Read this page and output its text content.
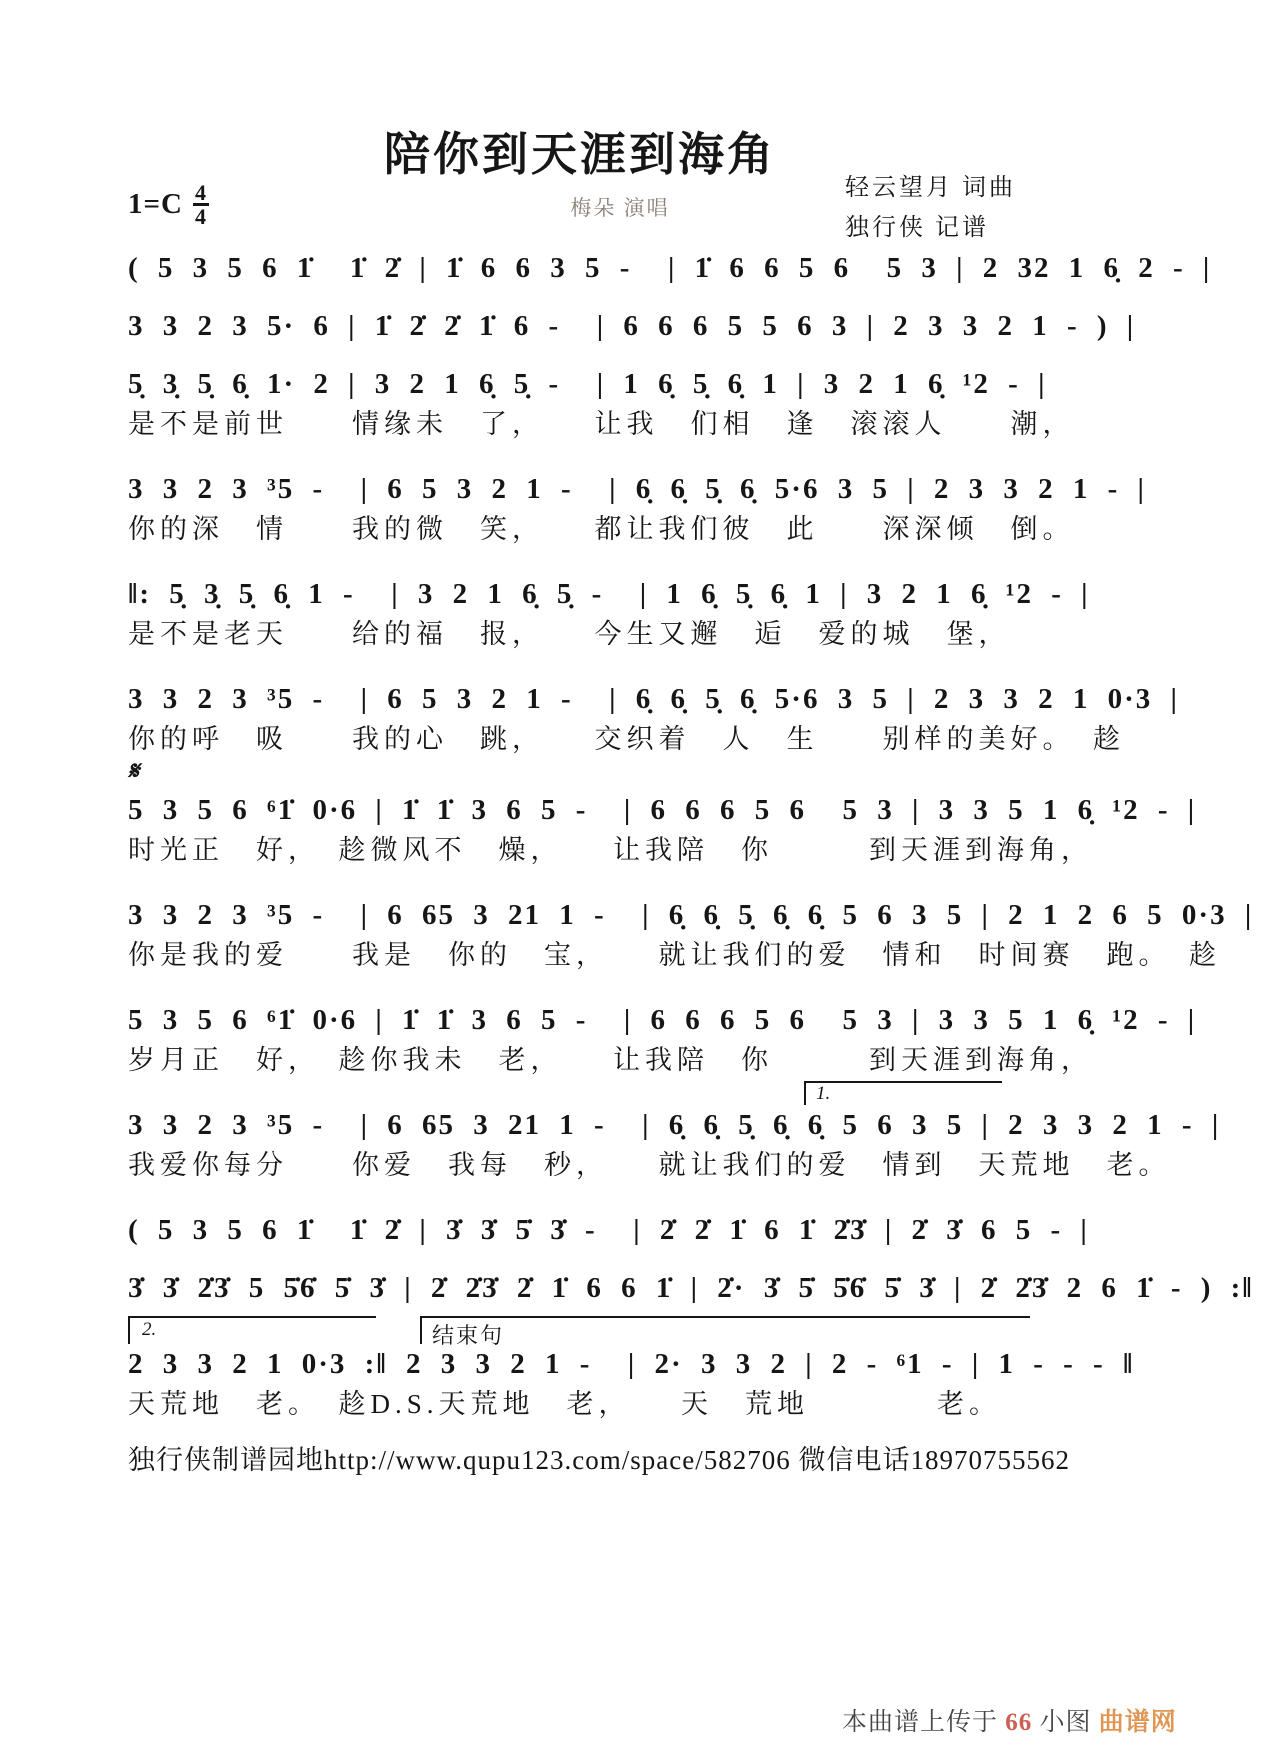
陪你到天涯到海角
梅朵 演唱
$1=C \frac{4}{4}$	轻云望月 词曲
独行侠 记谱
( 5 3 5 6 1̇  1̇ 2̇ | 1̇ 6 6 3 5 -  | 1̇ 6 6 5 6  5 3 | 2 32 1 6̣ 2 - |
3 3 2 3 5· 6 | 1̇ 2̇ 2̇ 1̇ 6 -  | 6 6 6 5 5 6 3 | 2 3 3 2 1 - ) |
5̣ 3̣ 5̣ 6̣ 1· 2 | 3 2 1 6̣ 5̣ -  | 1 6̣ 5̣ 6̣ 1 | 3 2 1 6̣ ¹2 - |
是不是前世　　情缘未　了，　　让我　们相　逢　滚滚人　　潮，
3 3 2 3 ³5 -  | 6 5 3 2 1 -  | 6̣ 6̣ 5̣ 6̣ 5·6 3 5 | 2 3 3 2 1 - |
你的深　情　　我的微　笑，　　都让我们彼　此　　深深倾　倒。
‖: 5̣ 3̣ 5̣ 6̣ 1 -  | 3 2 1 6̣ 5̣ -  | 1 6̣ 5̣ 6̣ 1 | 3 2 1 6̣ ¹2 - |
是不是老天　　给的福　报，　　今生又邂　逅　爱的城　堡，
3 3 2 3 ³5 -  | 6 5 3 2 1 -  | 6̣ 6̣ 5̣ 6̣ 5·6 3 5 | 2 3 3 2 1 0·3 |
你的呼　吸　　我的心　跳，　　交织着　人　生　　别样的美好。　趁
𝄋
5 3 5 6 ⁶1̇ 0·6 | 1̇ 1̇ 3 6 5 -  | 6 6 6 5 6  5 3 | 3 3 5 1 6̣ ¹2 - |
时光正　好，　趁微风不　燥，　　让我陪　你　　　到天涯到海角，
3 3 2 3 ³5 -  | 6 65 3 21 1 -  | 6̣ 6̣ 5̣ 6̣ 6̣ 5 6 3 5 | 2 1 2 6 5 0·3 |
你是我的爱　　我是　你的　宝，　　就让我们的爱　情和　时间赛　跑。　趁
5 3 5 6 ⁶1̇ 0·6 | 1̇ 1̇ 3 6 5 -  | 6 6 6 5 6  5 3 | 3 3 5 1 6̣ ¹2 - |
岁月正　好，　趁你我未　老，　　让我陪　你　　　到天涯到海角，
1.
3 3 2 3 ³5 -  | 6 65 3 21 1 -  | 6̣ 6̣ 5̣ 6̣ 6̣ 5 6 3 5 | 2 3 3 2 1 - |
我爱你每分　　你爱　我每　秒，　　就让我们的爱　情到　天荒地　老。
( 5 3 5 6 1̇  1̇ 2̇ | 3̇ 3̇ 5̇ 3̇ -  | 2̇ 2̇ 1̇ 6 1̇ 2̇3̇ | 2̇ 3̇ 6 5 - |
3̇ 3̇ 2̇3̇ 5 5̇6̇ 5̇ 3̇ | 2̇ 2̇3̇ 2̇ 1̇ 6 6 1̇ | 2̇· 3̇ 5̇ 5̇6̇ 5̇ 3̇ | 2̇ 2̇3̇ 2 6 1̇ - ) :‖
2.	结束句
2 3 3 2 1 0·3 :‖ 2 3 3 2 1 -  | 2· 3 3 2 | 2 - ⁶1 - | 1 - - - ‖
天荒地　老。　趁D.S.天荒地　老，　　天　荒地　　　　老。
独行侠制谱园地http://www.qupu123.com/space/582706 微信电话18970755562
本曲谱上传于 66 小图 曲谱网
